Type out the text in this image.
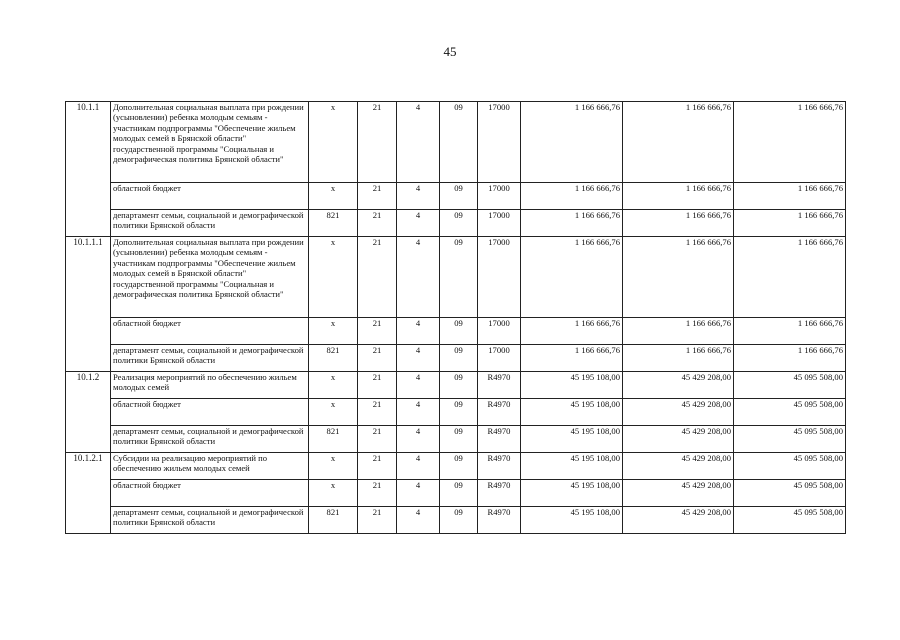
45
10.1.1	Дополнительная социальная выплата при рождении (усыновлении) ребенка молодым семьям - участникам подпрограммы "Обеспечение жильем молодых семей в Брянской области" государственной программы "Социальная и демографическая политика Брянской области"	х	21	4	09	17000	1 166 666,76	1 166 666,76	1 166 666,76
	областной бюджет	х	21	4	09	17000	1 166 666,76	1 166 666,76	1 166 666,76
	департамент семьи, социальной и демографической политики Брянской области	821	21	4	09	17000	1 166 666,76	1 166 666,76	1 166 666,76
10.1.1.1	Дополнительная социальная выплата при рождении (усыновлении) ребенка молодым семьям - участникам подпрограммы "Обеспечение жильем молодых семей в Брянской области" государственной программы "Социальная и демографическая политика Брянской области"	х	21	4	09	17000	1 166 666,76	1 166 666,76	1 166 666,76
	областной бюджет	х	21	4	09	17000	1 166 666,76	1 166 666,76	1 166 666,76
	департамент семьи, социальной и демографической политики Брянской области	821	21	4	09	17000	1 166 666,76	1 166 666,76	1 166 666,76
10.1.2	Реализация мероприятий по обеспечению жильем молодых семей	х	21	4	09	R4970	45 195 108,00	45 429 208,00	45 095 508,00
	областной бюджет	х	21	4	09	R4970	45 195 108,00	45 429 208,00	45 095 508,00
	департамент семьи, социальной и демографической политики Брянской области	821	21	4	09	R4970	45 195 108,00	45 429 208,00	45 095 508,00
10.1.2.1	Субсидии на реализацию мероприятий по обеспечению жильем молодых семей	х	21	4	09	R4970	45 195 108,00	45 429 208,00	45 095 508,00
	областной бюджет	х	21	4	09	R4970	45 195 108,00	45 429 208,00	45 095 508,00
	департамент семьи, социальной и демографической политики Брянской области	821	21	4	09	R4970	45 195 108,00	45 429 208,00	45 095 508,00
